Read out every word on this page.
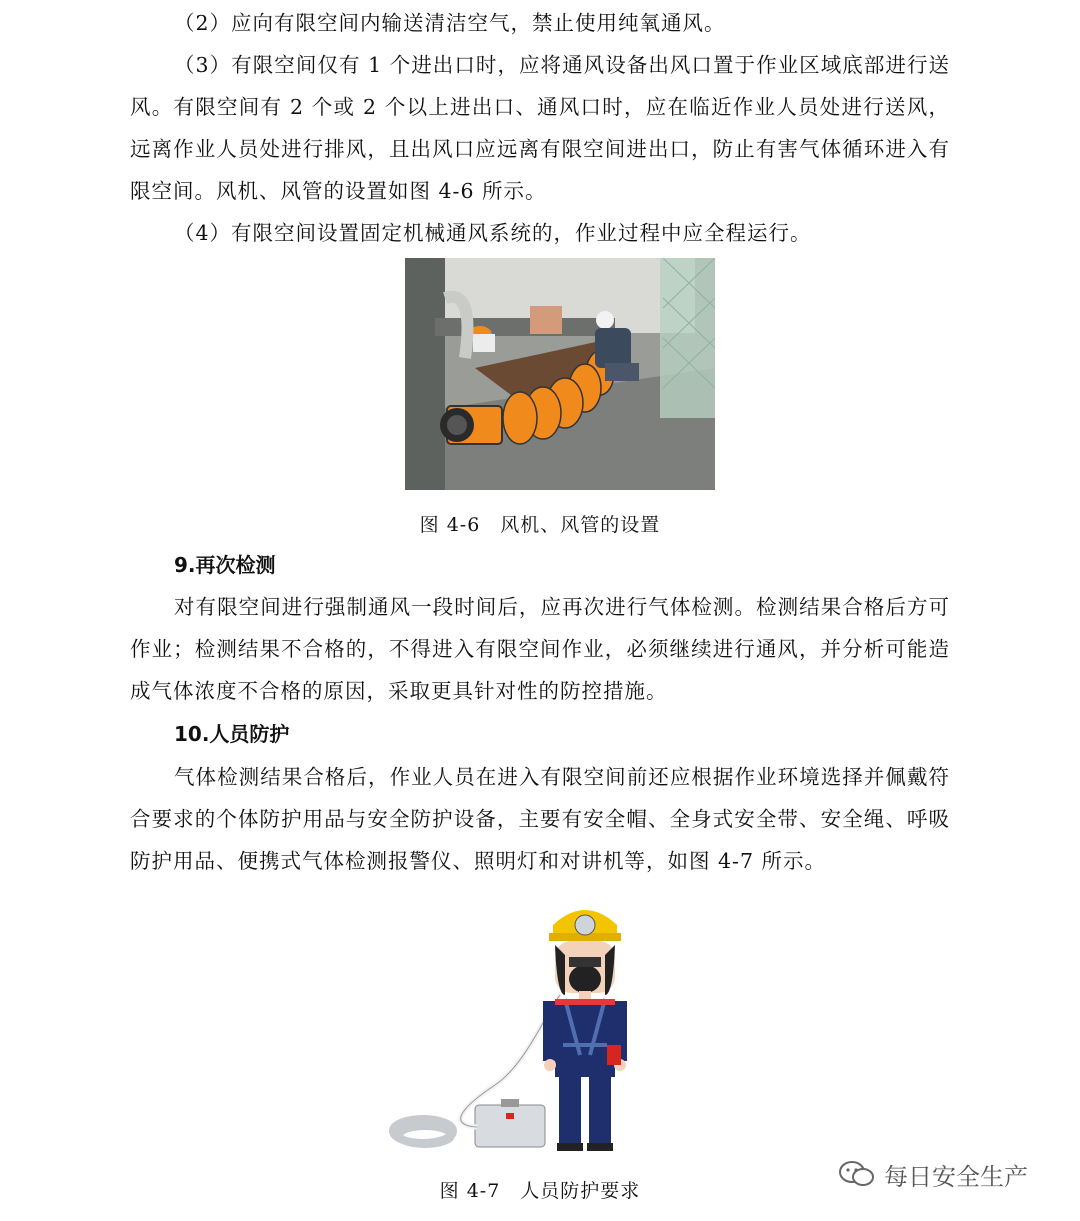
（2）应向有限空间内输送清洁空气，禁止使用纯氧通风。

（3）有限空间仅有 1 个进出口时，应将通风设备出风口置于作业区域底部进行送风。有限空间有 2 个或 2 个以上进出口、通风口时，应在临近作业人员处进行送风，远离作业人员处进行排风，且出风口应远离有限空间进出口，防止有害气体循环进入有限空间。风机、风管的设置如图 4-6 所示。

（4）有限空间设置固定机械通风系统的，作业过程中应全程运行。

图 4-6　风机、风管的设置

9.再次检测

对有限空间进行强制通风一段时间后，应再次进行气体检测。检测结果合格后方可作业；检测结果不合格的，不得进入有限空间作业，必须继续进行通风，并分析可能造成气体浓度不合格的原因，采取更具针对性的防控措施。

10.人员防护

气体检测结果合格后，作业人员在进入有限空间前还应根据作业环境选择并佩戴符合要求的个体防护用品与安全防护设备，主要有安全帽、全身式安全带、安全绳、呼吸防护用品、便携式气体检测报警仪、照明灯和对讲机等，如图 4-7 所示。

图 4-7　人员防护要求

每日安全生产
